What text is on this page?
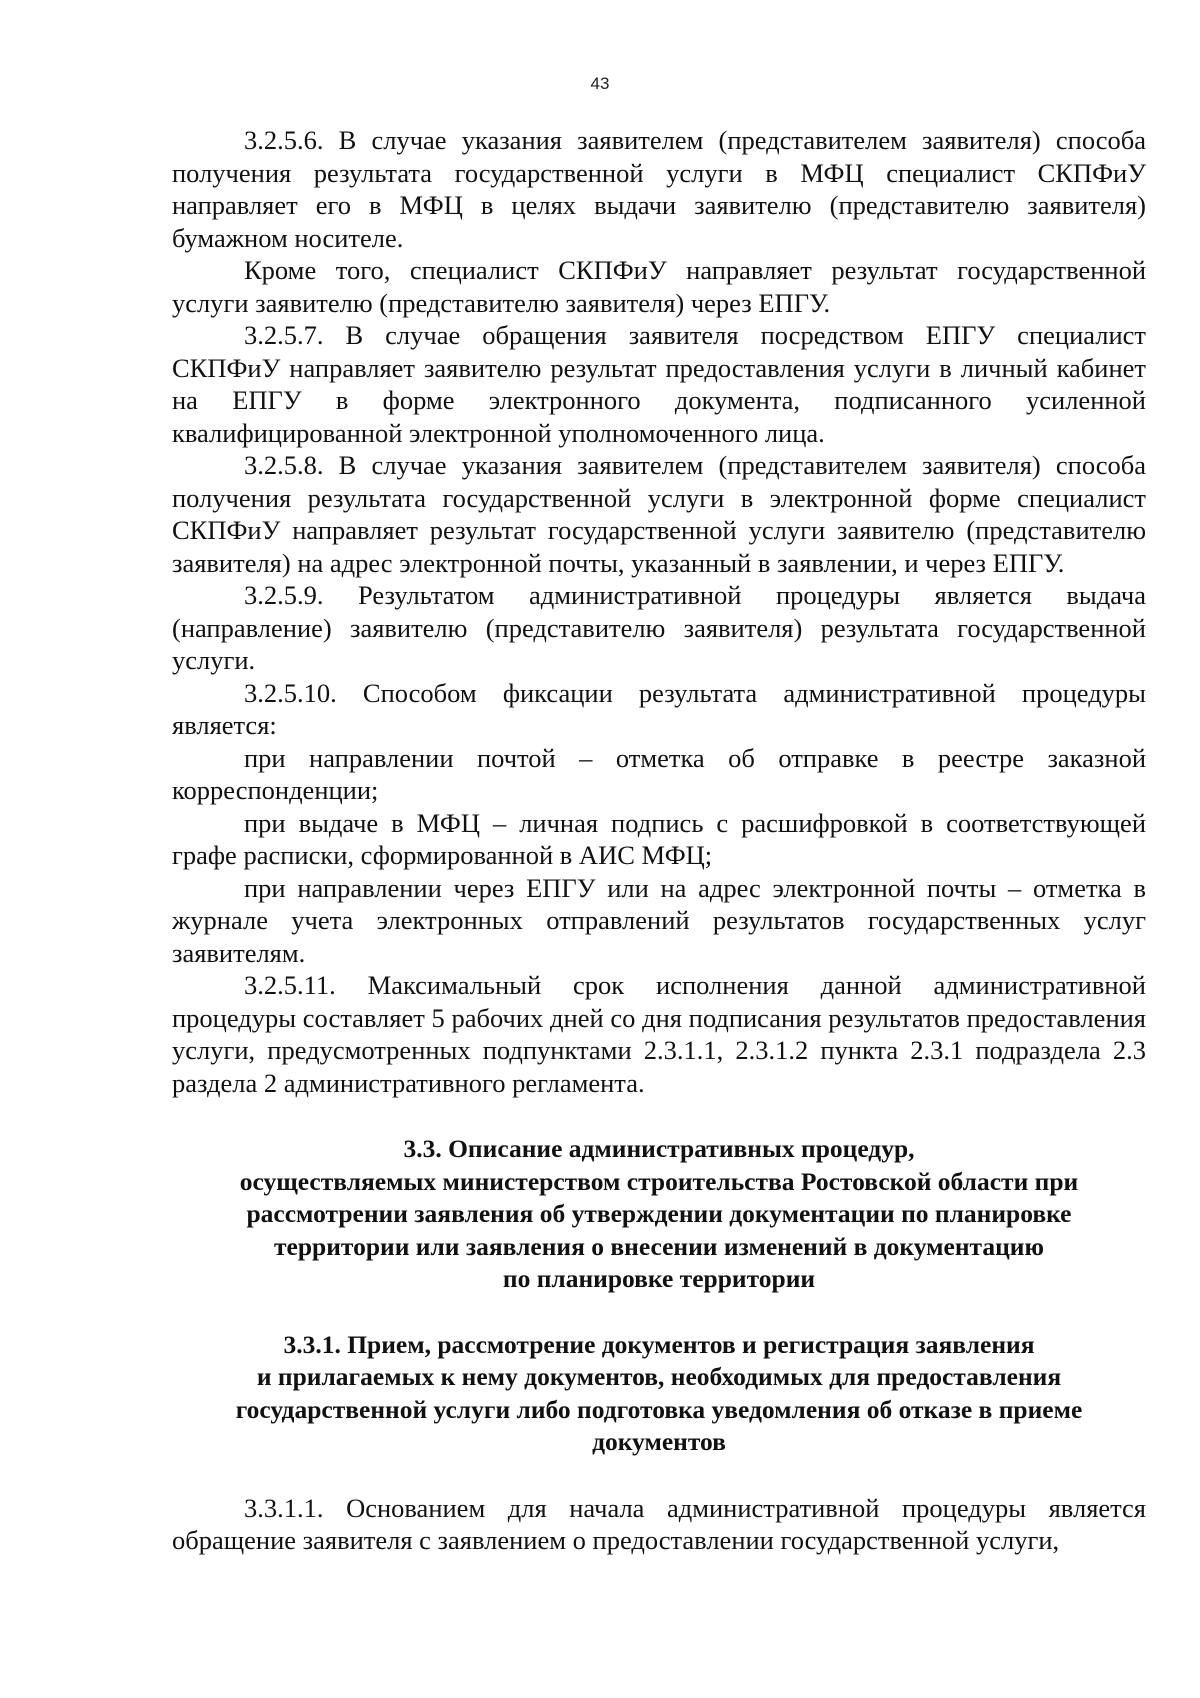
43

3.2.5.6. В случае указания заявителем (представителем заявителя) способа получения результата государственной услуги в МФЦ специалист СКПФиУ направляет его в МФЦ в целях выдачи заявителю (представителю заявителя) бумажном носителе.

Кроме того, специалист СКПФиУ направляет результат государственной услуги заявителю (представителю заявителя) через ЕПГУ.

3.2.5.7. В случае обращения заявителя посредством ЕПГУ специалист СКПФиУ направляет заявителю результат предоставления услуги в личный кабинет на ЕПГУ в форме электронного документа, подписанного усиленной квалифицированной электронной уполномоченного лица.

3.2.5.8. В случае указания заявителем (представителем заявителя) способа получения результата государственной услуги в электронной форме специалист СКПФиУ направляет результат государственной услуги заявителю (представителю заявителя) на адрес электронной почты, указанный в заявлении, и через ЕПГУ.

3.2.5.9. Результатом административной процедуры является выдача (направление) заявителю (представителю заявителя) результата государственной услуги.

3.2.5.10. Способом фиксации результата административной процедуры является:

при направлении почтой – отметка об отправке в реестре заказной корреспонденции;

при выдаче в МФЦ – личная подпись с расшифровкой в соответствующей графе расписки, сформированной в АИС МФЦ;

при направлении через ЕПГУ или на адрес электронной почты – отметка в журнале учета электронных отправлений результатов государственных услуг заявителям.

3.2.5.11. Максимальный срок исполнения данной административной процедуры составляет 5 рабочих дней со дня подписания результатов предоставления услуги, предусмотренных подпунктами 2.3.1.1, 2.3.1.2 пункта 2.3.1 подраздела 2.3 раздела 2 административного регламента.

3.3. Описание административных процедур,
осуществляемых министерством строительства Ростовской области при
рассмотрении заявления об утверждении документации по планировке
территории или заявления о внесении изменений в документацию
по планировке территории
3.3.1. Прием, рассмотрение документов и регистрация заявления
и прилагаемых к нему документов, необходимых для предоставления
государственной услуги либо подготовка уведомления об отказе в приеме
документов

3.3.1.1. Основанием для начала административной процедуры является обращение заявителя с заявлением о предоставлении государственной услуги,
